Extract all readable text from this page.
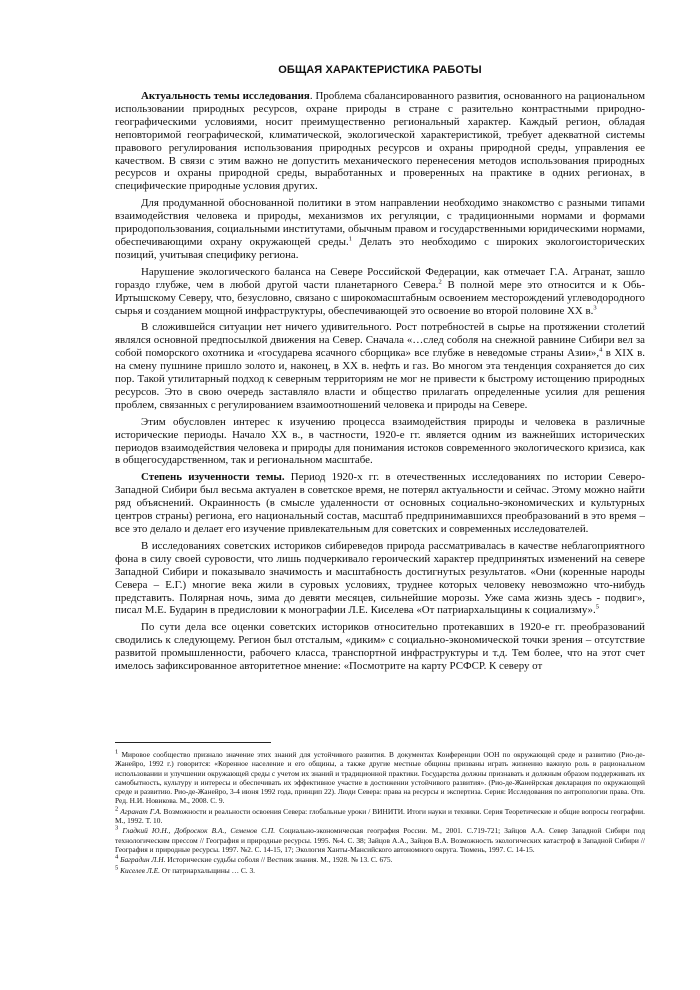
ОБЩАЯ ХАРАКТЕРИСТИКА РАБОТЫ

Актуальность темы исследования. Проблема сбалансированного развития, основанного на рациональном использовании природных ресурсов, охране природы в стране с разительно контрастными природно-географическими условиями, носит преимущественно региональный характер. Каждый регион, обладая неповторимой географической, климатической, экологической характеристикой, требует адекватной системы правового регулирования использования природных ресурсов и охраны природной среды, управления ее качеством. В связи с этим важно не допустить механического перенесения методов использования природных ресурсов и охраны природной среды, выработанных и проверенных на практике в одних регионах, в специфические природные условия других.

Для продуманной обоснованной политики в этом направлении необходимо знакомство с разными типами взаимодействия человека и природы, механизмов их регуляции, с традиционными нормами и формами природопользования, социальными институтами, обычным правом и государственными юридическими нормами, обеспечивающими охрану окружающей среды.$^1$ Делать это необходимо с широких экологоисторических позиций, учитывая специфику региона.

Нарушение экологического баланса на Севере Российской Федерации, как отмечает Г.А. Агранат, зашло гораздо глубже, чем в любой другой части планетарного Севера.$^2$ В полной мере это относится и к Обь-Иртышскому Северу, что, безусловно, связано с широкомасштабным освоением месторождений углеводородного сырья и созданием мощной инфраструктуры, обеспечивающей это освоение во второй половине XX в.$^3$

В сложившейся ситуации нет ничего удивительного. Рост потребностей в сырье на протяжении столетий являлся основной предпосылкой движения на Север. Сначала «…след соболя на снежной равнине Сибири вел за собой поморского охотника и «государева ясачного сборщика» все глубже в неведомые страны Азии»,$^4$ в XIX в. на смену пушнине пришло золото и, наконец, в XX в. нефть и газ. Во многом эта тенденция сохраняется до сих пор. Такой утилитарный подход к северным территориям не мог не привести к быстрому истощению природных ресурсов. Это в свою очередь заставляло власти и общество прилагать определенные усилия для решения проблем, связанных с регулированием взаимоотношений человека и природы на Севере.

Этим обусловлен интерес к изучению процесса взаимодействия природы и человека в различные исторические периоды. Начало XX в., в частности, 1920-е гг. является одним из важнейших исторических периодов взаимодействия человека и природы для понимания истоков современного экологического кризиса, как в общегосударственном, так и региональном масштабе.

Степень изученности темы. Период 1920-х гг. в отечественных исследованиях по истории Северо-Западной Сибири был весьма актуален в советское время, не потерял актуальности и сейчас. Этому можно найти ряд объяснений. Окраинность (в смысле удаленности от основных социально-экономических и культурных центров страны) региона, его национальный состав, масштаб предпринимавшихся преобразований в это время – все это делало и делает его изучение привлекательным для советских и современных исследователей.

В исследованиях советских историков сибиреведов природа рассматривалась в качестве неблагоприятного фона в силу своей суровости, что лишь подчеркивало героический характер предпринятых изменений на севере Западной Сибири и показывало значимость и масштабность достигнутых результатов. «Они (коренные народы Севера – Е.Г.) многие века жили в суровых условиях, труднее которых человеку невозможно что-нибудь представить. Полярная ночь, зима до девяти месяцев, сильнейшие морозы. Уже сама жизнь здесь - подвиг», писал М.Е. Бударин в предисловии к монографии Л.Е. Киселева «От патриархальщины к социализму».$^5$

По сути дела все оценки советских историков относительно протекавших в 1920-е гг. преобразований сводились к следующему. Регион был отсталым, «диким» с социально-экономической точки зрения – отсутствие развитой промышленности, рабочего класса, транспортной инфраструктуры и т.д. Тем более, что на этот счет имелось зафиксированное авторитетное мнение: «Посмотрите на карту РСФСР. К северу от

$^1$ Мировое сообщество признало значение этих знаний для устойчивого развития. В документах Конференции ООН по окружающей среде и развитию (Рио-де-Жанейро, 1992 г.) говорится: «Коренное население и его общины, а также другие местные общины призваны играть жизненно важную роль в рациональном использовании и улучшении окружающей среды с учетом их знаний и традиционной практики. Государства должны признавать и должным образом поддерживать их самобытность, культуру и интересы и обеспечивать их эффективное участие в достижении устойчивого развития». (Рио-де-Жанейрская декларация по окружающей среде и развитию. Рио-де-Жанейро, 3-4 июня 1992 года, принцип 22). Люди Севера: права на ресурсы и экспертиза. Серия: Исследования по антропологии права. Отв. Ред. Н.И. Новикова. М., 2008. С. 9.

$^2$ Агранат Г.А. Возможности и реальности освоения Севера: глобальные уроки / ВИНИТИ. Итоги науки и техники. Серия Теоретические и общие вопросы географии. М., 1992. Т. 10.

$^3$ Гладкий Ю.Н., Доброскок В.А., Семенов С.П. Социально-экономическая география России. М., 2001. С.719-721; Зайцов А.А. Север Западной Сибири под технологическим прессом // География и природные ресурсы. 1995. №4. С. 38; Зайцов А.А., Зайцов В.А. Возможность экологических катастроф в Западной Сибири // География и природные ресурсы. 1997. №2. С. 14-15, 17; Экология Ханты-Мансийского автономного округа. Тюмень, 1997. С. 14-15.

$^4$ Баградин Л.Н. Исторические судьбы соболя // Вестник знания. М., 1928. № 13. С. 675.

$^5$ Киселев Л.Е. От патриархальщины … С. 3.
